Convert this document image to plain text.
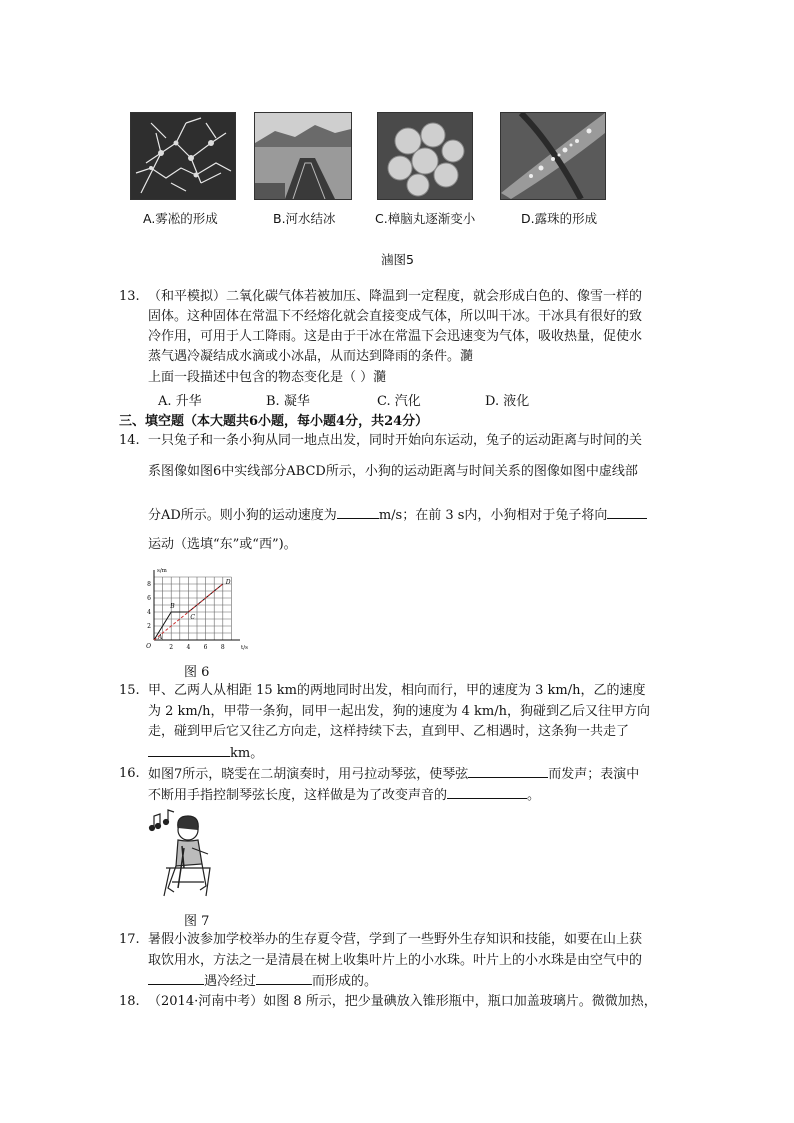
A.雾凇的形成	B.河水结冰	C.樟脑丸逐渐变小	D.露珠的形成
滷图5
13. （和平模拟）二氧化碳气体若被加压、降温到一定程度，就会形成白色的、像雪一样的
固体。这种固体在常温下不经熔化就会直接变成气体，所以叫干冰。干冰具有很好的致
冷作用，可用于人工降雨。这是由于干冰在常温下会迅速变为气体，吸收热量，促使水
蒸气遇冷凝结成水滴或小冰晶，从而达到降雨的条件。瀡
上面一段描述中包含的物态变化是（ ）瀡
A. 升华	B. 凝华	C. 汽化	D. 液化
三、填空题（本大题共6小题，每小题4分，共24分）
14. 一只兔子和一条小狗从同一地点出发，同时开始向东运动，兔子的运动距离与时间的关
系图像如图6中实线部分ABCD所示，小狗的运动距离与时间关系的图像如图中虚线部
分AD所示。则小狗的运动速度为	m/s；在前 3 s内，小狗相对于兔子将向
运动（选填“东”或“西”)。
2 4 6 8
2
4
6
8
O
s/m
t/s
A
B
C
D
图 6
15. 甲、乙两人从相距 15 km的两地同时出发，相向而行，甲的速度为 3 km/h，乙的速度
为 2 km/h，甲带一条狗，同甲一起出发，狗的速度为 4 km/h，狗碰到乙后又往甲方向
走，碰到甲后它又往乙方向走，这样持续下去，直到甲、乙相遇时，这条狗一共走了
km。
16. 如图7所示，晓雯在二胡演奏时，用弓拉动琴弦，使琴弦	而发声；表演中
不断用手指控制琴弦长度，这样做是为了改变声音的	。
图 7
17. 暑假小波参加学校举办的生存夏令营，学到了一些野外生存知识和技能，如要在山上获
取饮用水，方法之一是清晨在树上收集叶片上的小水珠。叶片上的小水珠是由空气中的
遇冷经过	而形成的。
18. （2014·河南中考）如图 8 所示，把少量碘放入锥形瓶中，瓶口加盖玻璃片。微微加热，
